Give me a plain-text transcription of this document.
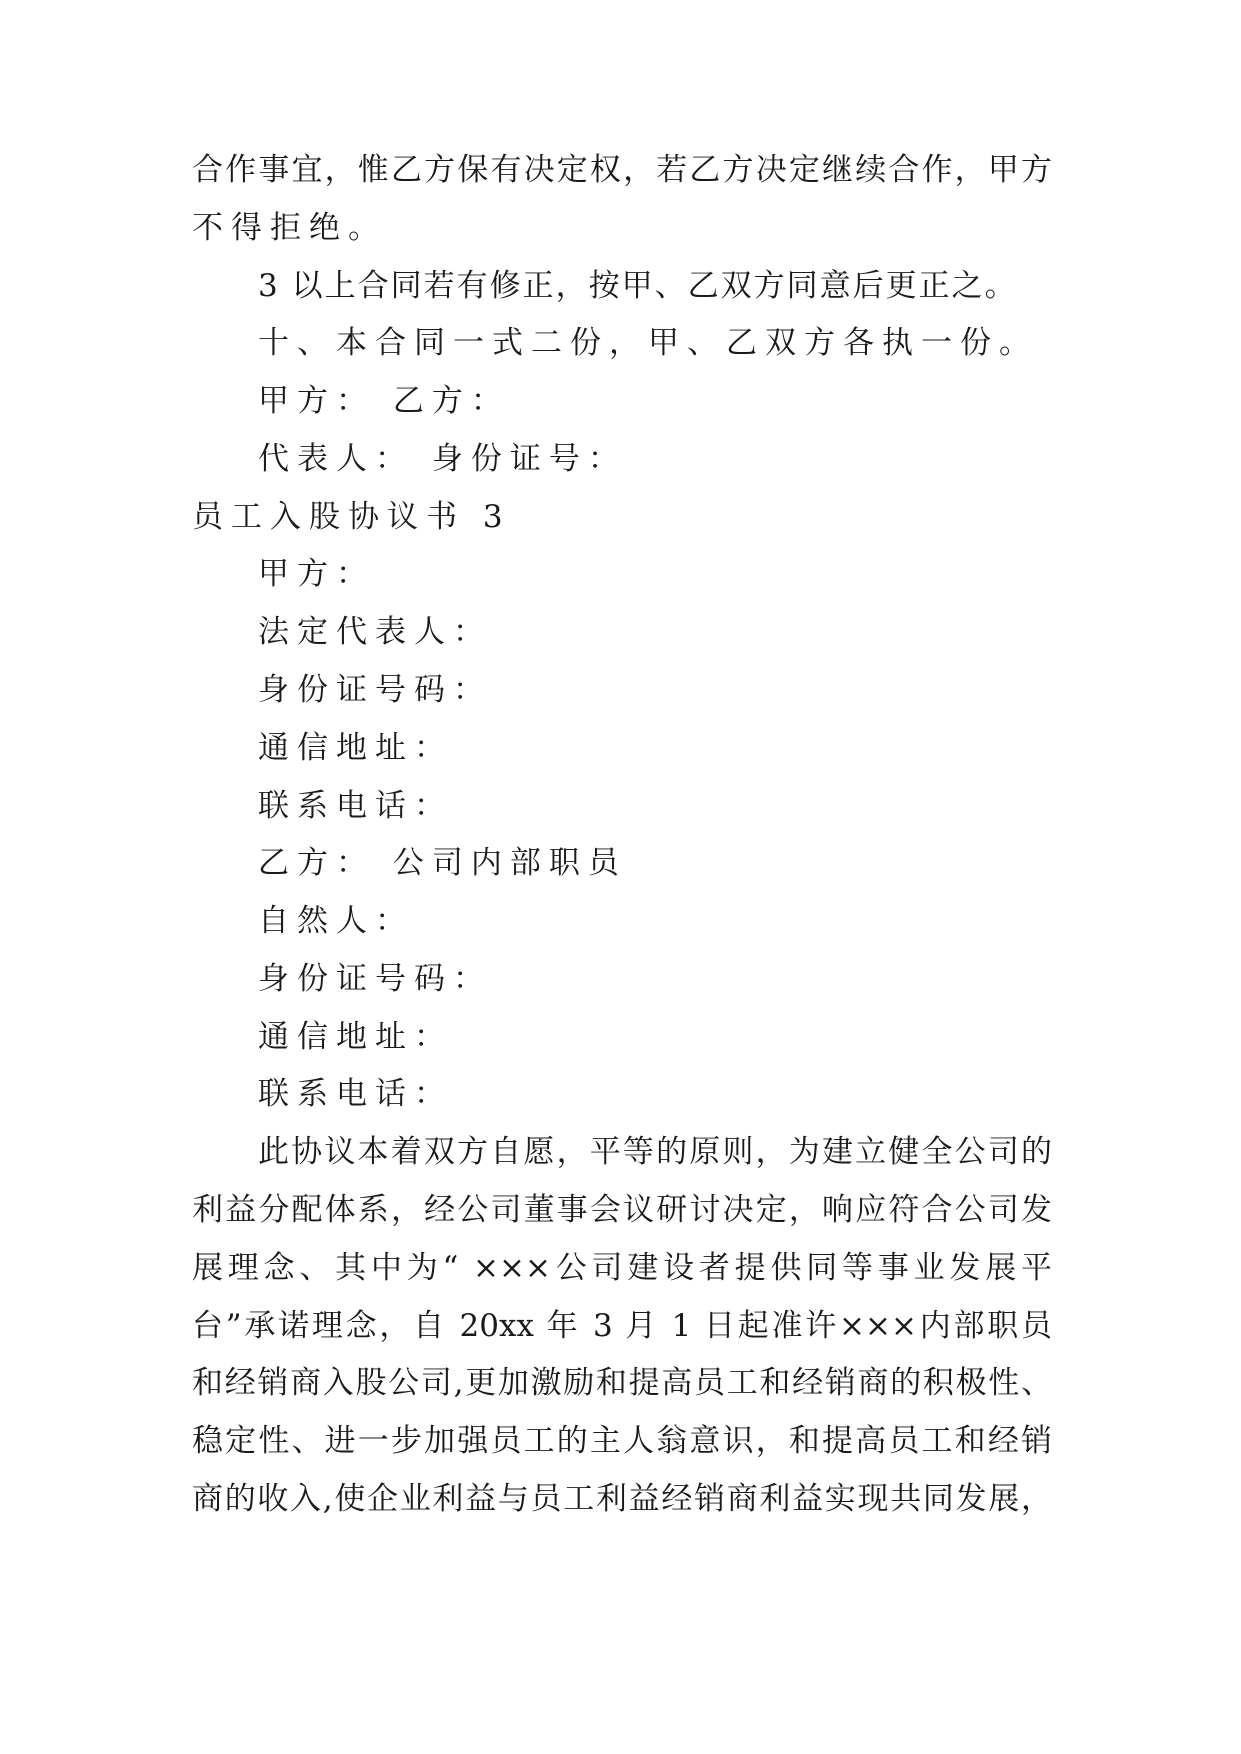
合作事宜，惟乙方保有决定权，若乙方决定继续合作，甲方

不得拒绝。

3 以上合同若有修正，按甲、乙双方同意后更正之。

十、本合同一式二份，甲、乙双方各执一份。

甲方： 乙方：

代表人： 身份证号：

员工入股协议书 3

甲方：

法定代表人：

身份证号码：

通信地址：

联系电话：

乙方： 公司内部职员

自然人：

身份证号码：

通信地址：

联系电话：

此协议本着双方自愿，平等的原则，为建立健全公司的

利益分配体系，经公司董事会议研讨决定，响应符合公司发

展理念、其中为“ ×××公司建设者提供同等事业发展平

台”承诺理念，自 20xx 年 3 月 1 日起准许×××内部职员

和经销商入股公司,更加激励和提高员工和经销商的积极性、

稳定性、进一步加强员工的主人翁意识，和提高员工和经销

商的收入,使企业利益与员工利益经销商利益实现共同发展，
